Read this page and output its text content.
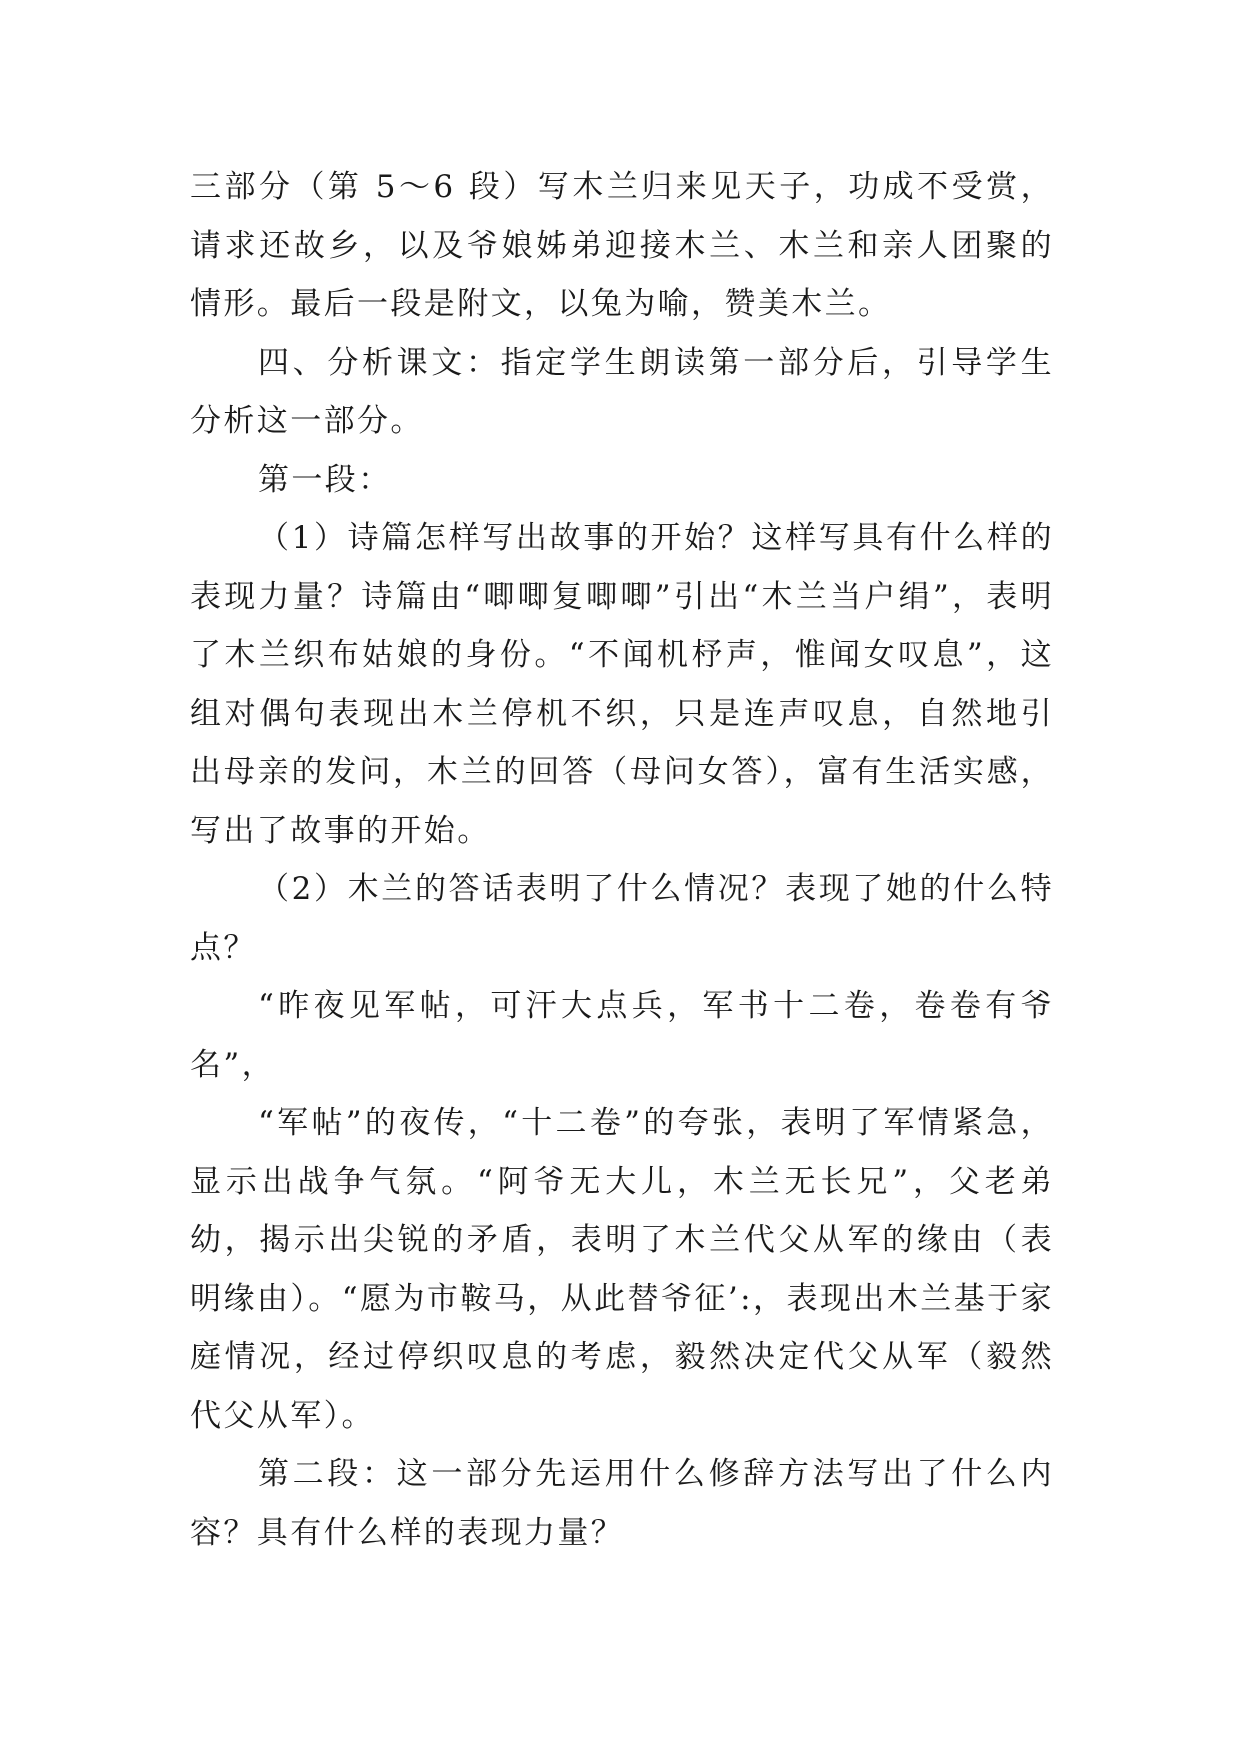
三部分（第 5～6 段）写木兰归来见天子，功成不受赏，请求还故乡，以及爷娘姊弟迎接木兰、木兰和亲人团聚的情形。最后一段是附文，以兔为喻，赞美木兰。

四、分析课文：指定学生朗读第一部分后，引导学生分析这一部分。

第一段：

（1）诗篇怎样写出故事的开始？这样写具有什么样的表现力量？诗篇由“唧唧复唧唧”引出“木兰当户绢”，表明了木兰织布姑娘的身份。“不闻机杼声，惟闻女叹息”，这组对偶句表现出木兰停机不织，只是连声叹息，自然地引出母亲的发问，木兰的回答（母问女答），富有生活实感，写出了故事的开始。

（2）木兰的答话表明了什么情况？表现了她的什么特点？

“昨夜见军帖，可汗大点兵，军书十二卷，卷卷有爷名”，

“军帖”的夜传，“十二卷”的夸张，表明了军情紧急，显示出战争气氛。“阿爷无大儿，木兰无长兄”，父老弟幼，揭示出尖锐的矛盾，表明了木兰代父从军的缘由（表明缘由）。“愿为市鞍马，从此替爷征’:，表现出木兰基于家庭情况，经过停织叹息的考虑，毅然决定代父从军（毅然代父从军）。

第二段：这一部分先运用什么修辞方法写出了什么内容？具有什么样的表现力量？
